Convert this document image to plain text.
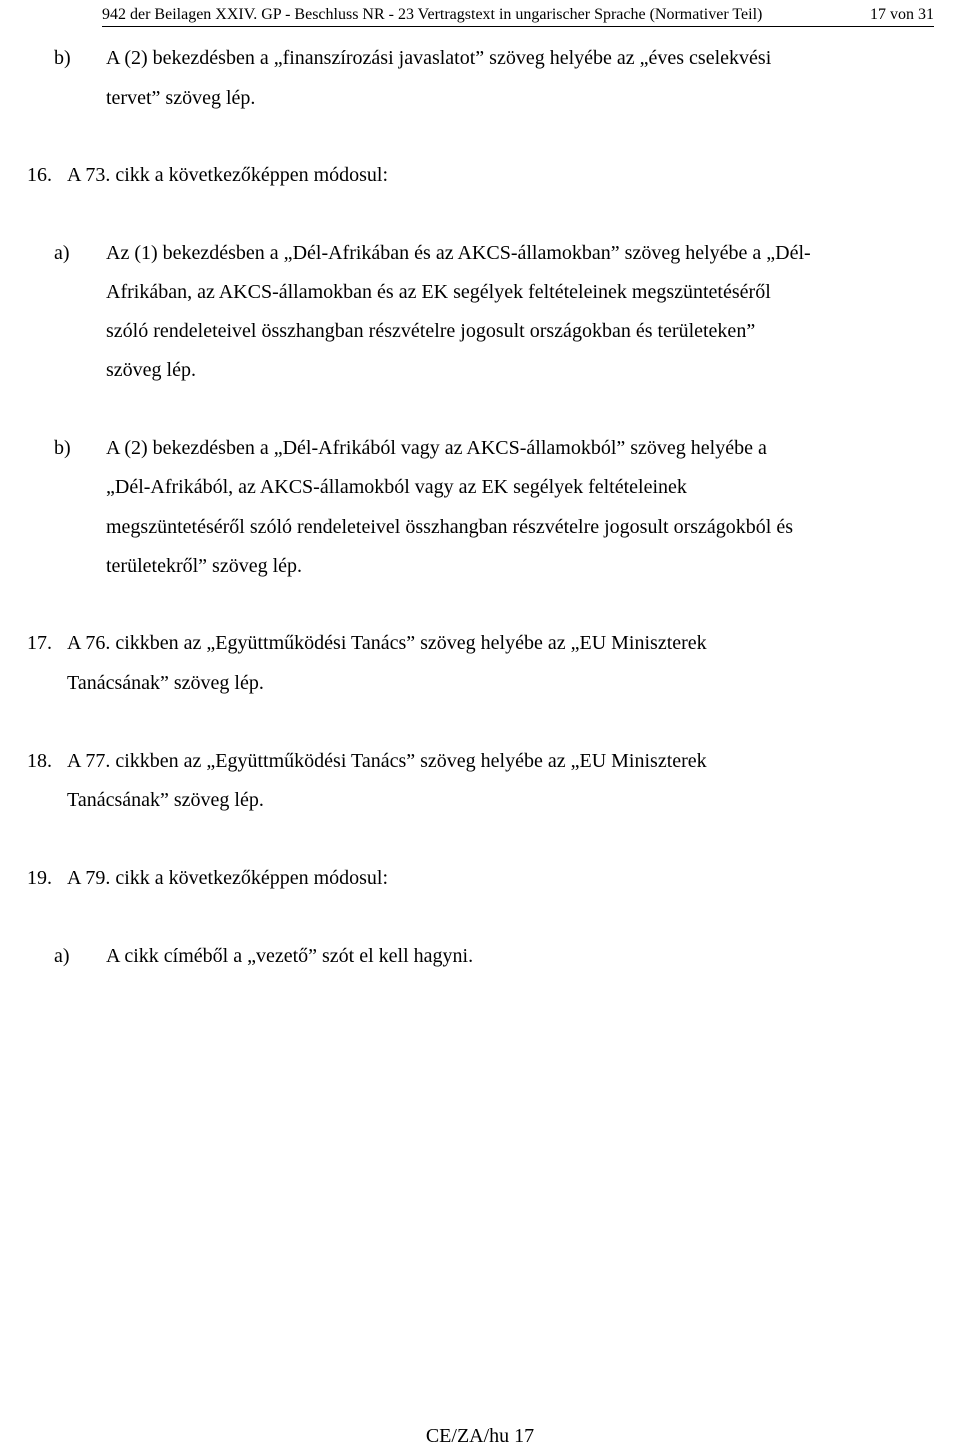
942 der Beilagen XXIV. GP - Beschluss NR - 23 Vertragstext in ungarischer Sprache (Normativer Teil)	17 von 31
b) A (2) bekezdésben a „finanszírozási javaslatot” szöveg helyébe az „éves cselekvési
tervet” szöveg lép.
16. A 73. cikk a következőképpen módosul:
a) Az (1) bekezdésben a „Dél-Afrikában és az AKCS-államokban” szöveg helyébe a „Dél-
Afrikában, az AKCS-államokban és az EK segélyek feltételeinek megszüntetéséről
szóló rendeleteivel összhangban részvételre jogosult országokban és területeken”
szöveg lép.
b) A (2) bekezdésben a „Dél-Afrikából vagy az AKCS-államokból” szöveg helyébe a
„Dél-Afrikából, az AKCS-államokból vagy az EK segélyek feltételeinek
megszüntetéséről szóló rendeleteivel összhangban részvételre jogosult országokból és
területekről” szöveg lép.
17. A 76. cikkben az „Együttműködési Tanács” szöveg helyébe az „EU Miniszterek
Tanácsának” szöveg lép.
18. A 77. cikkben az „Együttműködési Tanács” szöveg helyébe az „EU Miniszterek
Tanácsának” szöveg lép.
19. A 79. cikk a következőképpen módosul:
a) A cikk címéből a „vezető” szót el kell hagyni.
CE/ZA/hu 17
